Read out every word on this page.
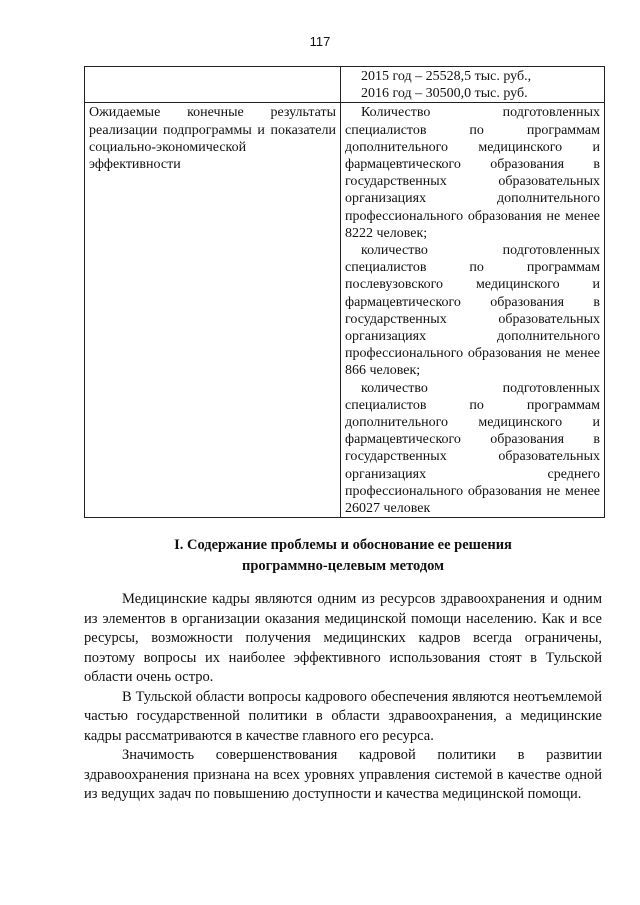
117

	2015 год – 25528,5 тыс. руб.,
2016 год – 30500,0 тыс. руб.

Ожидаемые конечные результаты реализации подпрограммы и показатели социально-экономической эффективности	Количество подготовленных специалистов по программам дополнительного медицинского и фармацевтического образования в государственных образовательных организациях дополнительного профессионального образования не менее 8222 человек;
количество подготовленных специалистов по программам послевузовского медицинского и фармацевтического образования в государственных образовательных организациях дополнительного профессионального образования не менее 866 человек;
количество подготовленных специалистов по программам дополнительного медицинского и фармацевтического образования в государственных образовательных организациях среднего профессионального образования не менее 26027 человек
I. Содержание проблемы и обоснование ее решения
программно-целевым методом

Медицинские кадры являются одним из ресурсов здравоохранения и одним из элементов в организации оказания медицинской помощи населению. Как и все ресурсы, возможности получения медицинских кадров всегда ограничены, поэтому вопросы их наиболее эффективного использования стоят в Тульской области очень остро.

В Тульской области вопросы кадрового обеспечения являются неотъемлемой частью государственной политики в области здравоохранения, а медицинские кадры рассматриваются в качестве главного его ресурса.

Значимость совершенствования кадровой политики в развитии здравоохранения признана на всех уровнях управления системой в качестве одной из ведущих задач по повышению доступности и качества медицинской помощи.
